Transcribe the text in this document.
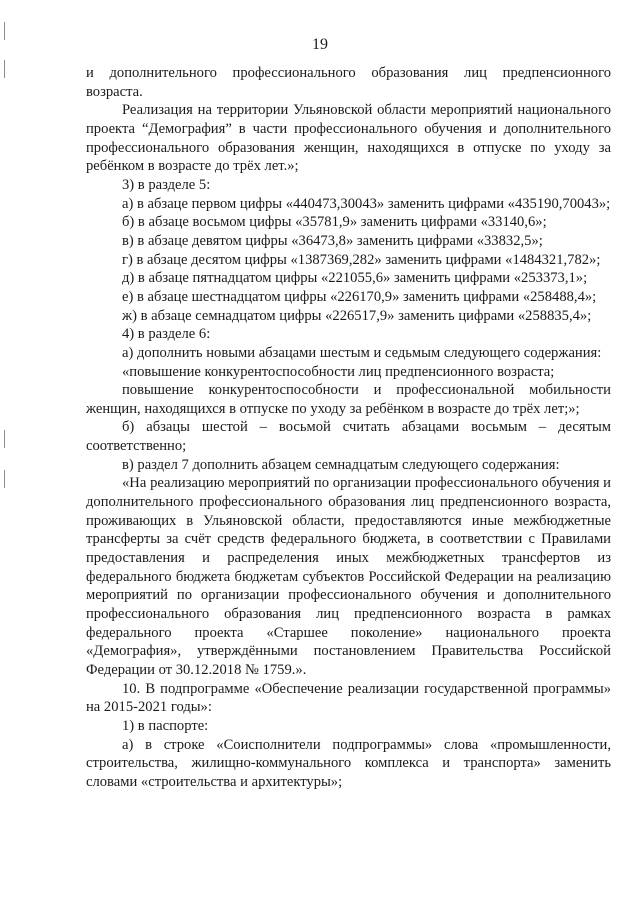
19

и дополнительного профессионального образования лиц предпенсионного возраста.

Реализация на территории Ульяновской области мероприятий национального проекта “Демография” в части профессионального обучения и дополнительного профессионального образования женщин, находящихся в отпуске по уходу за ребёнком в возрасте до трёх лет.»;

3) в разделе 5:

а) в абзаце первом цифры «440473,30043» заменить цифрами «435190,70043»;

б) в абзаце восьмом цифры «35781,9» заменить цифрами «33140,6»;

в) в абзаце девятом цифры «36473,8» заменить цифрами «33832,5»;

г) в абзаце десятом цифры «1387369,282» заменить цифрами «1484321,782»;

д) в абзаце пятнадцатом цифры «221055,6» заменить цифрами «253373,1»;

е) в абзаце шестнадцатом цифры «226170,9» заменить цифрами «258488,4»;

ж) в абзаце семнадцатом цифры «226517,9» заменить цифрами «258835,4»;

4) в разделе 6:

а) дополнить новыми абзацами шестым и седьмым следующего содержания:

«повышение конкурентоспособности лиц предпенсионного возраста;

повышение конкурентоспособности и профессиональной мобильности женщин, находящихся в отпуске по уходу за ребёнком в возрасте до трёх лет;»;

б) абзацы шестой – восьмой считать абзацами восьмым – десятым соответственно;

в) раздел 7 дополнить абзацем семнадцатым следующего содержания:

«На реализацию мероприятий по организации профессионального обучения и дополнительного профессионального образования лиц предпенсионного возраста, проживающих в Ульяновской области, предоставляются иные межбюджетные трансферты за счёт средств федерального бюджета, в соответствии с Правилами предоставления и распределения иных межбюджетных трансфертов из федерального бюджета бюджетам субъектов Российской Федерации на реализацию мероприятий по организации профессионального обучения и дополнительного профессионального образования лиц предпенсионного возраста в рамках федерального проекта «Старшее поколение» национального проекта «Демография», утверждёнными постановлением Правительства Российской Федерации от 30.12.2018 № 1759.».

10. В подпрограмме «Обеспечение реализации государственной программы» на 2015-2021 годы»:

1) в паспорте:

а) в строке «Соисполнители подпрограммы» слова «промышленности, строительства, жилищно-коммунального комплекса и транспорта» заменить словами «строительства и архитектуры»;
